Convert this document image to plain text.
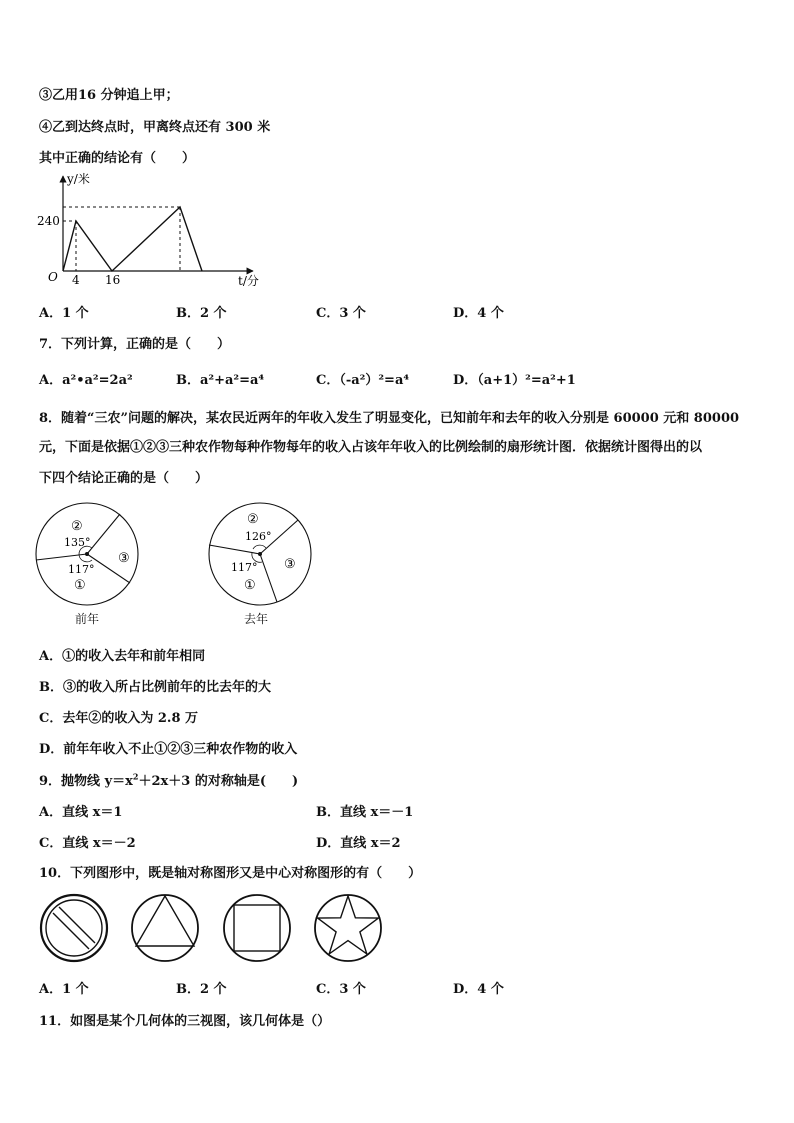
③乙用16 分钟追上甲；
④乙到达终点时，甲离终点还有 300 米
其中正确的结论有（　　）
y/米
t/分
O
240
4 16
A．1 个	B．2 个	C．3 个	D．4 个
7．下列计算，正确的是（　　）
A．a²•a²=2a²	B．a²+a²=a⁴	C．（-a²）²=a⁴	D．（a+1）²=a²+1
8．随着“三农”问题的解决，某农民近两年的年收入发生了明显变化，已知前年和去年的收入分别是 60000 元和 80000
元，下面是依据①②③三种农作物每种作物每年的收入占该年年收入的比例绘制的扇形统计图．依据统计图得出的以
下四个结论正确的是（　　）
②
③
①
135°
117°
前年
②
③
①
126°
117°
去年
A．①的收入去年和前年相同
B．③的收入所占比例前年的比去年的大
C．去年②的收入为 2.8 万
D．前年年收入不止①②③三种农作物的收入
9．抛物线 $y=x^2+2x+3$ 的对称轴是(　　)
A．直线 x＝1	B．直线 x＝－1
C．直线 x＝－2	D．直线 x＝2
10．下列图形中，既是轴对称图形又是中心对称图形的有（　　）
A．1 个	B．2 个	C．3 个	D．4 个
11．如图是某个几何体的三视图，该几何体是（）
